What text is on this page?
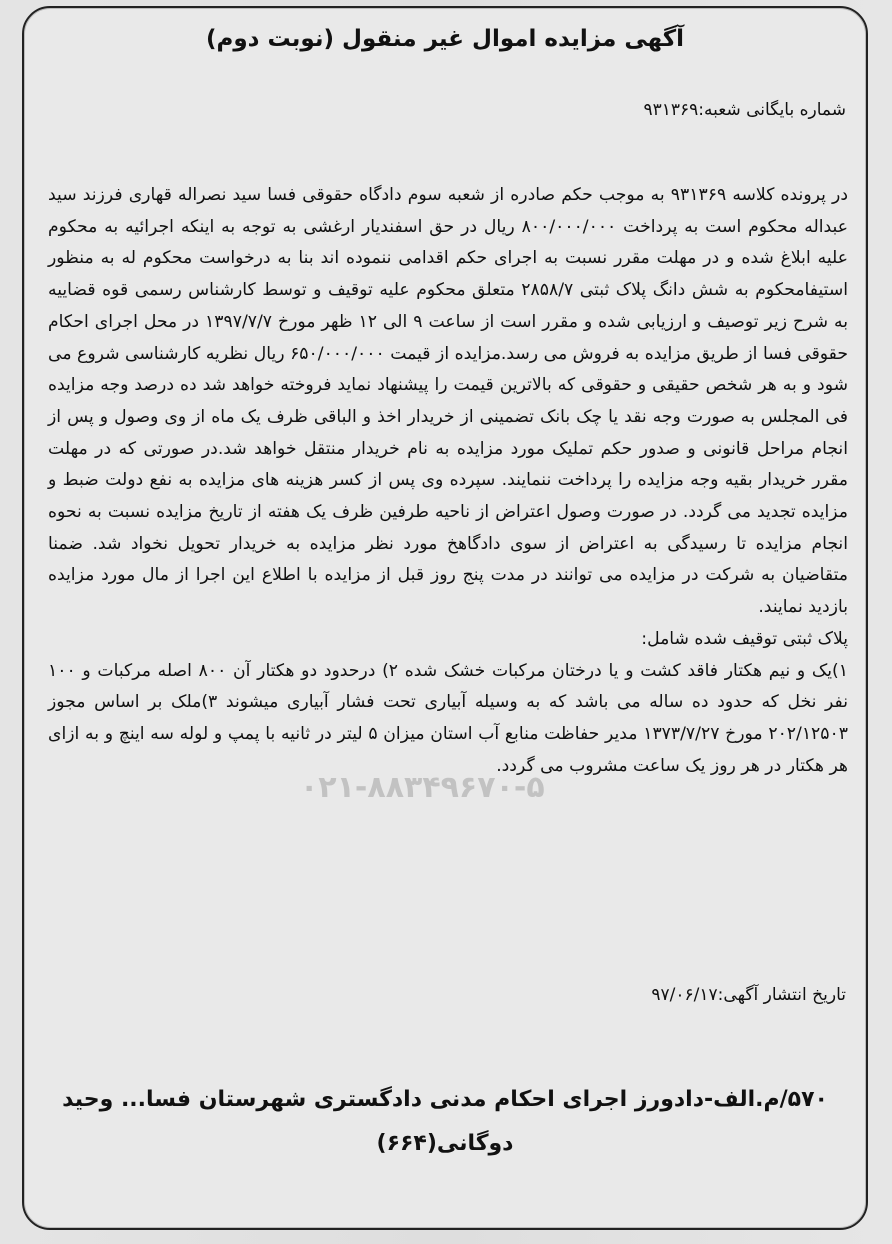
۰۲۱-۸۸۳۴۹۶۷۰-۵
آگهی مزایده اموال غیر منقول (نوبت دوم)
شماره بایگانی شعبه:۹۳۱۳۶۹

در پرونده کلاسه ۹۳۱۳۶۹ به موجب حکم صادره از شعبه سوم دادگاه حقوقی فسا سید نصراله قهاری فرزند سید عبداله محکوم است به پرداخت ۸۰۰/۰۰۰/۰۰۰ ریال در حق اسفندیار ارغشی به توجه به اینکه اجرائیه به محکوم علیه ابلاغ شده و در مهلت مقرر نسبت به اجرای حکم اقدامی ننموده اند بنا به درخواست محکوم له به منظور استیفامحکوم به شش دانگ پلاک ثبتی ۲۸۵۸/۷ متعلق محکوم علیه توقیف و توسط کارشناس رسمی قوه قضاییه به شرح زیر توصیف و ارزیابی شده و مقرر است از ساعت ۹ الی ۱۲ ظهر مورخ ۱۳۹۷/۷/۷ در محل اجرای احکام حقوقی فسا از طریق مزایده به فروش می رسد.مزایده از قیمت ۶۵۰/۰۰۰/۰۰۰ ریال نظریه کارشناسی شروع می شود و به هر شخص حقیقی و حقوقی که بالاترین قیمت را پیشنهاد نماید فروخته خواهد شد ده درصد وجه مزایده فی المجلس به صورت وجه نقد یا چک بانک تضمینی از خریدار اخذ و الباقی ظرف یک ماه از وی وصول و پس از انجام مراحل قانونی و صدور حکم تملیک مورد مزایده به نام خریدار منتقل خواهد شد.در صورتی که در مهلت مقرر خریدار بقیه وجه مزایده را پرداخت ننمایند. سپرده وی پس از کسر هزینه های مزایده به نفع دولت ضبط و مزایده تجدید می گردد. در صورت وصول اعتراض از ناحیه طرفین ظرف یک هفته از تاریخ مزایده نسبت به نحوه انجام مزایده تا رسیدگی به اعتراض از سوی دادگاهخ مورد نظر مزایده به خریدار تحویل نخواد شد. ضمنا متقاضیان به شرکت در مزایده می توانند در مدت پنج روز قبل از مزایده با اطلاع این اجرا از مال مورد مزایده بازدید نمایند.

پلاک ثبتی توقیف شده شامل:

۱)یک و نیم هکتار فاقد کشت و یا درختان مرکبات خشک شده ۲) درحدود دو هکتار آن ۸۰۰ اصله مرکبات و ۱۰۰ نفر نخل که حدود ده ساله می باشد که به وسیله آبیاری تحت فشار آبیاری میشوند ۳)ملک بر اساس مجوز ۲۰۲/۱۲۵۰۳ مورخ ۱۳۷۳/۷/۲۷ مدیر حفاظت منابع آب استان میزان ۵ لیتر در ثانیه با پمپ و لوله سه اینچ و به ازای هر هکتار در هر روز یک ساعت مشروب می گردد.

تاریخ انتشار آگهی:۹۷/۰۶/۱۷
۵۷۰/م.الف-دادورز اجرای احکام مدنی دادگستری شهرستان فسا... وحید
دوگانی(۶۶۴)
